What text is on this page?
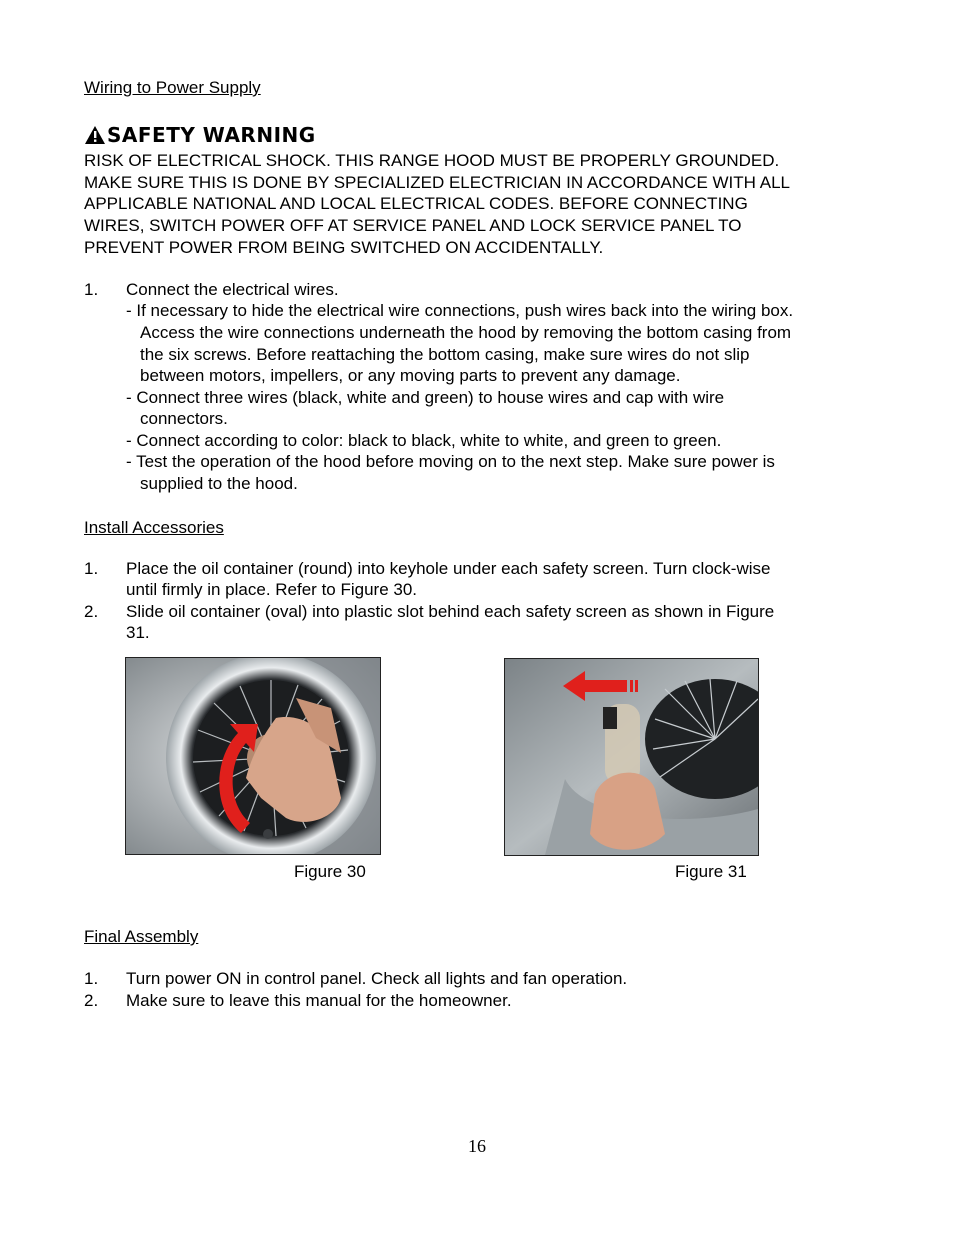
Wiring to Power Supply
SAFETY WARNING
RISK OF ELECTRICAL SHOCK. THIS RANGE HOOD MUST BE PROPERLY GROUNDED.
MAKE SURE THIS IS DONE BY SPECIALIZED ELECTRICIAN IN ACCORDANCE WITH ALL
APPLICABLE NATIONAL AND LOCAL ELECTRICAL CODES. BEFORE CONNECTING
WIRES, SWITCH POWER OFF AT SERVICE PANEL AND LOCK SERVICE PANEL TO
PREVENT POWER FROM BEING SWITCHED ON ACCIDENTALLY.
1.	Connect the electrical wires.
- If necessary to hide the electrical wire connections, push wires back into the wiring box.
Access the wire connections underneath the hood by removing the bottom casing from
the six screws. Before reattaching the bottom casing, make sure wires do not slip
between motors, impellers, or any moving parts to prevent any damage.
- Connect three wires (black, white and green) to house wires and cap with wire
connectors.
- Connect according to color: black to black, white to white, and green to green.
- Test the operation of the hood before moving on to the next step. Make sure power is
supplied to the hood.
Install Accessories
1.	Place the oil container (round) into keyhole under each safety screen. Turn clock-wise
until firmly in place. Refer to Figure 30.
2.	Slide oil container (oval) into plastic slot behind each safety screen as shown in Figure
31.
Figure 30	Figure 31
Final Assembly
1.	Turn power ON in control panel. Check all lights and fan operation.
2.	Make sure to leave this manual for the homeowner.
16
